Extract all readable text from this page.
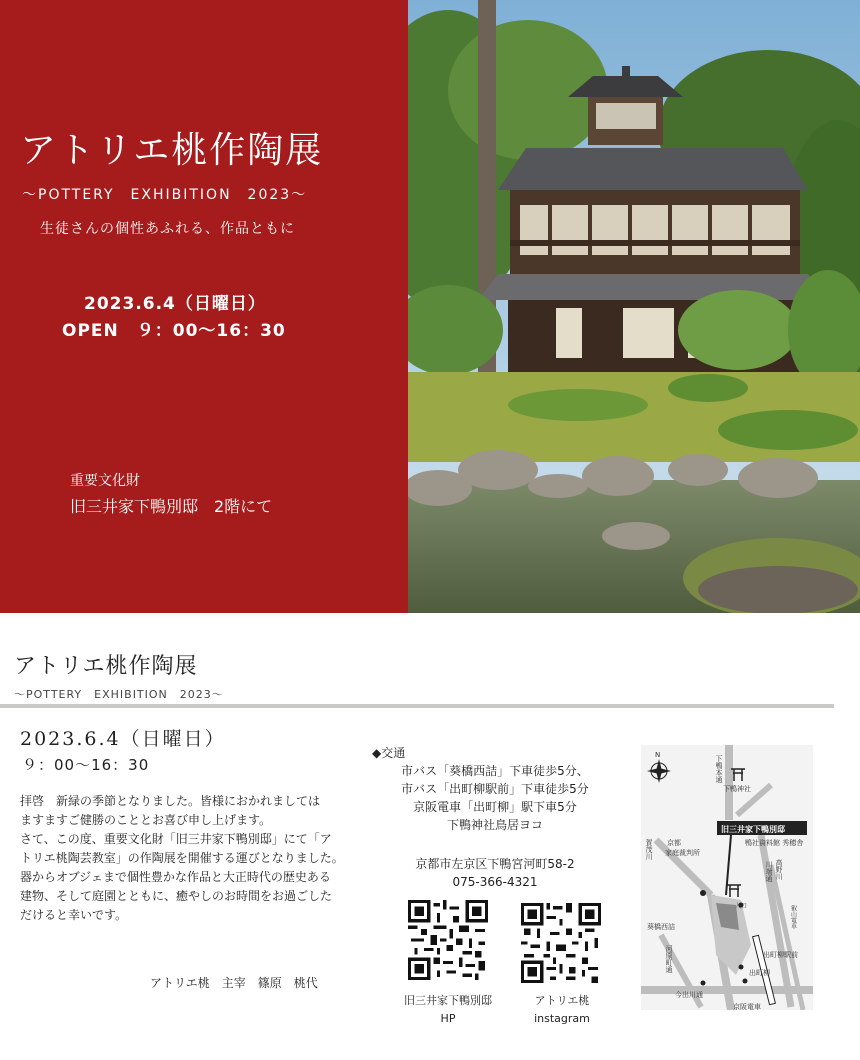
アトリエ桃作陶展
〜POTTERY　EXHIBITION　2023〜
生徒さんの個性あふれる、作品ともに
2023.6.4（日曜日）
OPEN　９：00〜16：30
重要文化財
旧三井家下鴨別邸　2階にて
アトリエ桃作陶展
〜POTTERY　EXHIBITION　2023〜
2023.6.4（日曜日）
９：00〜16：30

拝啓　新緑の季節となりました。皆様におかれましては　ますますご健勝のこととお喜び申し上げます。

さて、この度、重要文化財「旧三井家下鴨別邸」にて「アトリエ桃陶芸教室」の作陶展を開催する運びとなりました。　器からオブジェまで個性豊かな作品と大正時代の歴史ある建物、そして庭園とともに、癒やしのお時間をお過ごしただけると幸いです。

アトリエ桃　主宰　篠原　桃代
◆交通
市バス「葵橋西詰」下車徒歩5分、
市バス「出町柳駅前」下車徒歩5分
京阪電車「出町柳」駅下車5分
下鴨神社鳥居ヨコ
京都市左京区下鴨宮河町58-2
075-366-4321
旧三井家下鴨別邸
HP
アトリエ桃
instagram
N
旧三井家下鴨別邸
下鴨本通
下鴨神社
京都
家庭裁判所
鴨社資料館 秀穂舎
賀茂川
川端通 高野川
入口	叡山電車
葵橋西詰
河原町通	出町柳駅前
出町柳
今出川通
京阪電車
